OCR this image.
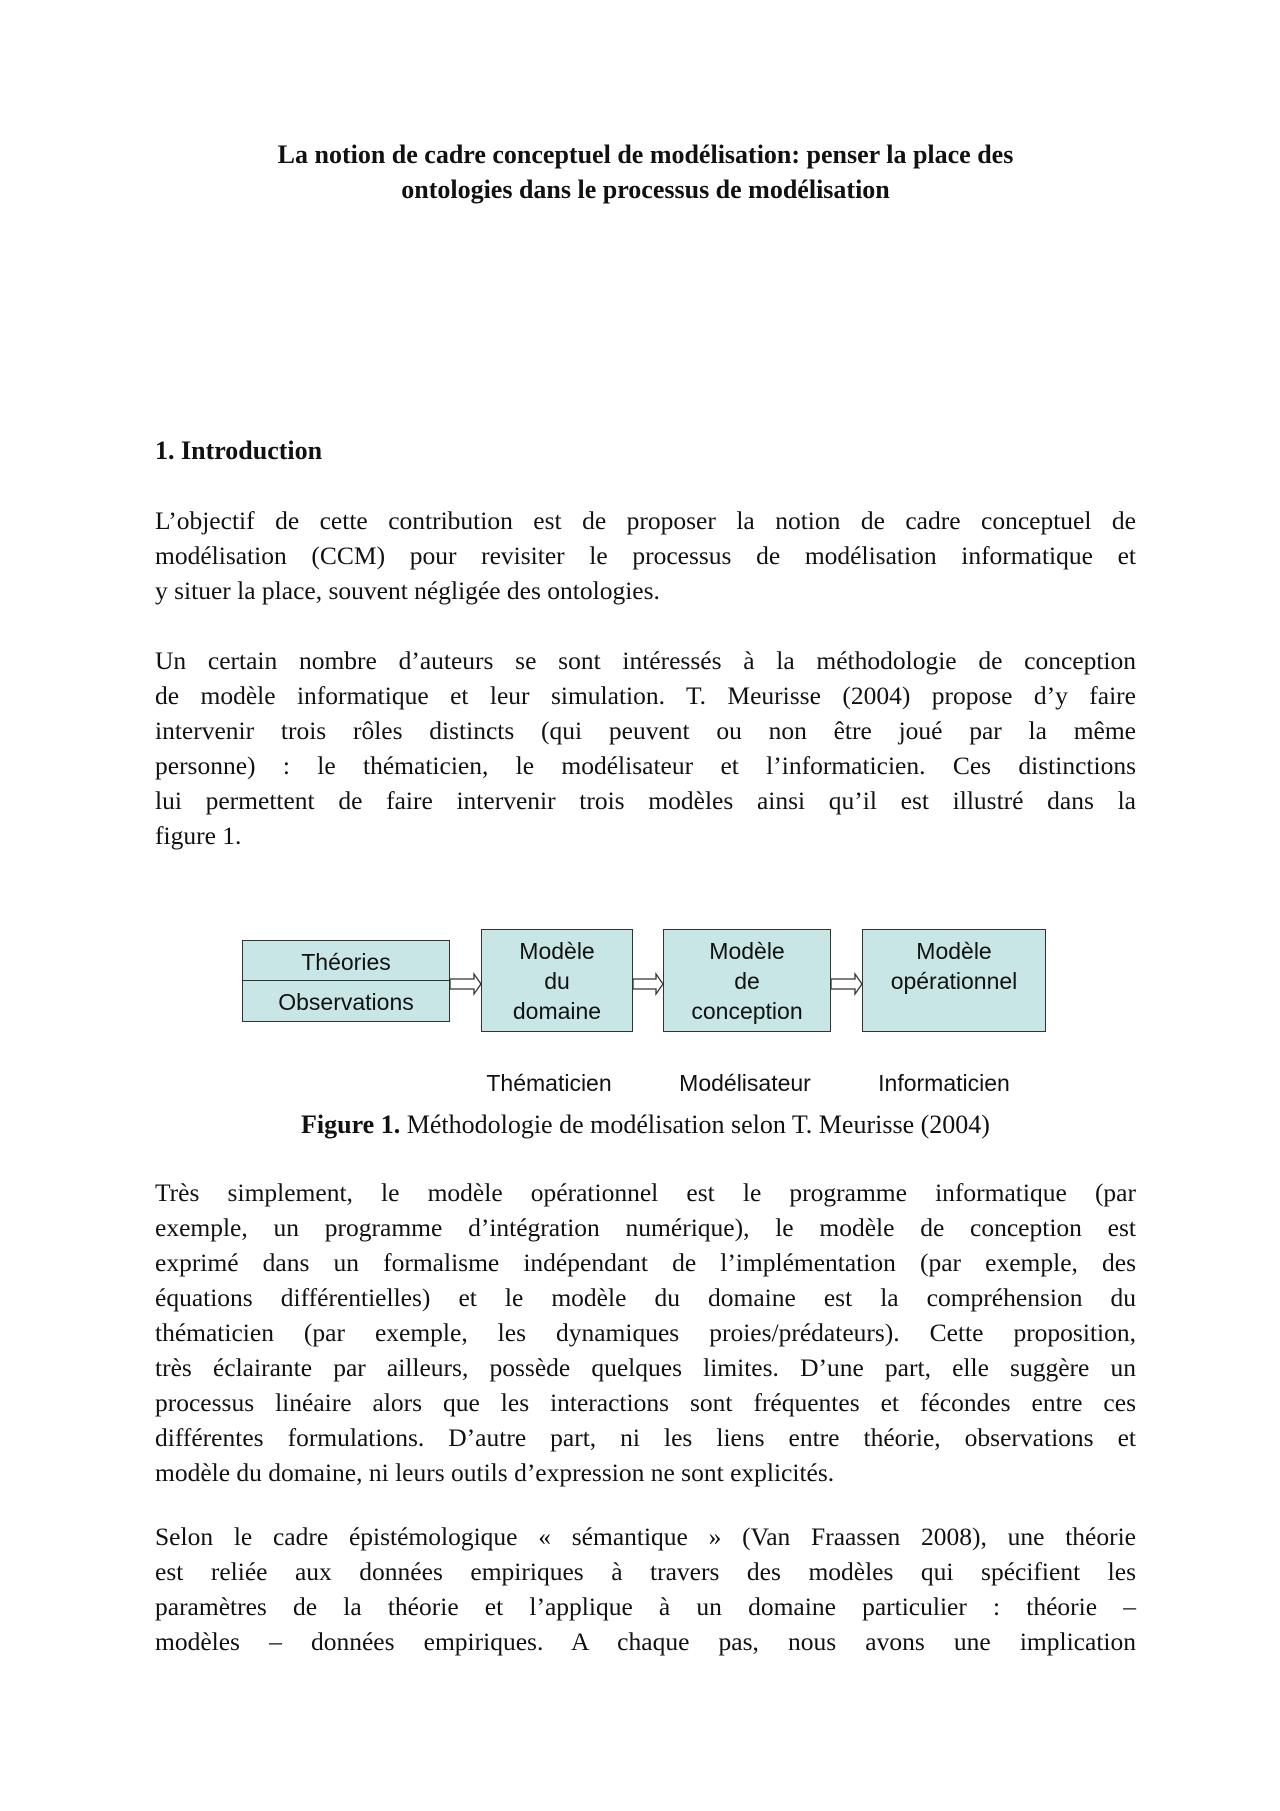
La notion de cadre conceptuel de modélisation: penser la place des
ontologies dans le processus de modélisation
1. Introduction
L’objectif de cette contribution est de proposer la notion de cadre conceptuel de
modélisation (CCM) pour revisiter le processus de modélisation informatique et
y situer la place, souvent négligée des ontologies.
Un certain nombre d’auteurs se sont intéressés à la méthodologie de conception
de modèle informatique et leur simulation. T. Meurisse (2004) propose d’y faire
intervenir trois rôles distincts (qui peuvent ou non être joué par la même
personne) : le thématicien, le modélisateur et l’informaticien. Ces distinctions
lui permettent de faire intervenir trois modèles ainsi qu’il est illustré dans la
figure 1.
Théories
Observations
Modèle
du
domaine
Modèle
de
conception
Modèle
opérationnel
Thématicien	Modélisateur	Informaticien
Figure 1. Méthodologie de modélisation selon T. Meurisse (2004)
Très simplement, le modèle opérationnel est le programme informatique (par
exemple, un programme d’intégration numérique), le modèle de conception est
exprimé dans un formalisme indépendant de l’implémentation (par exemple, des
équations différentielles) et le modèle du domaine est la compréhension du
thématicien (par exemple, les dynamiques proies/prédateurs). Cette proposition,
très éclairante par ailleurs, possède quelques limites. D’une part, elle suggère un
processus linéaire alors que les interactions sont fréquentes et fécondes entre ces
différentes formulations. D’autre part, ni les liens entre théorie, observations et
modèle du domaine, ni leurs outils d’expression ne sont explicités.
Selon le cadre épistémologique « sémantique » (Van Fraassen 2008), une théorie
est reliée aux données empiriques à travers des modèles qui spécifient les
paramètres de la théorie et l’applique à un domaine particulier : théorie –
modèles – données empiriques. A chaque pas, nous avons une implication
